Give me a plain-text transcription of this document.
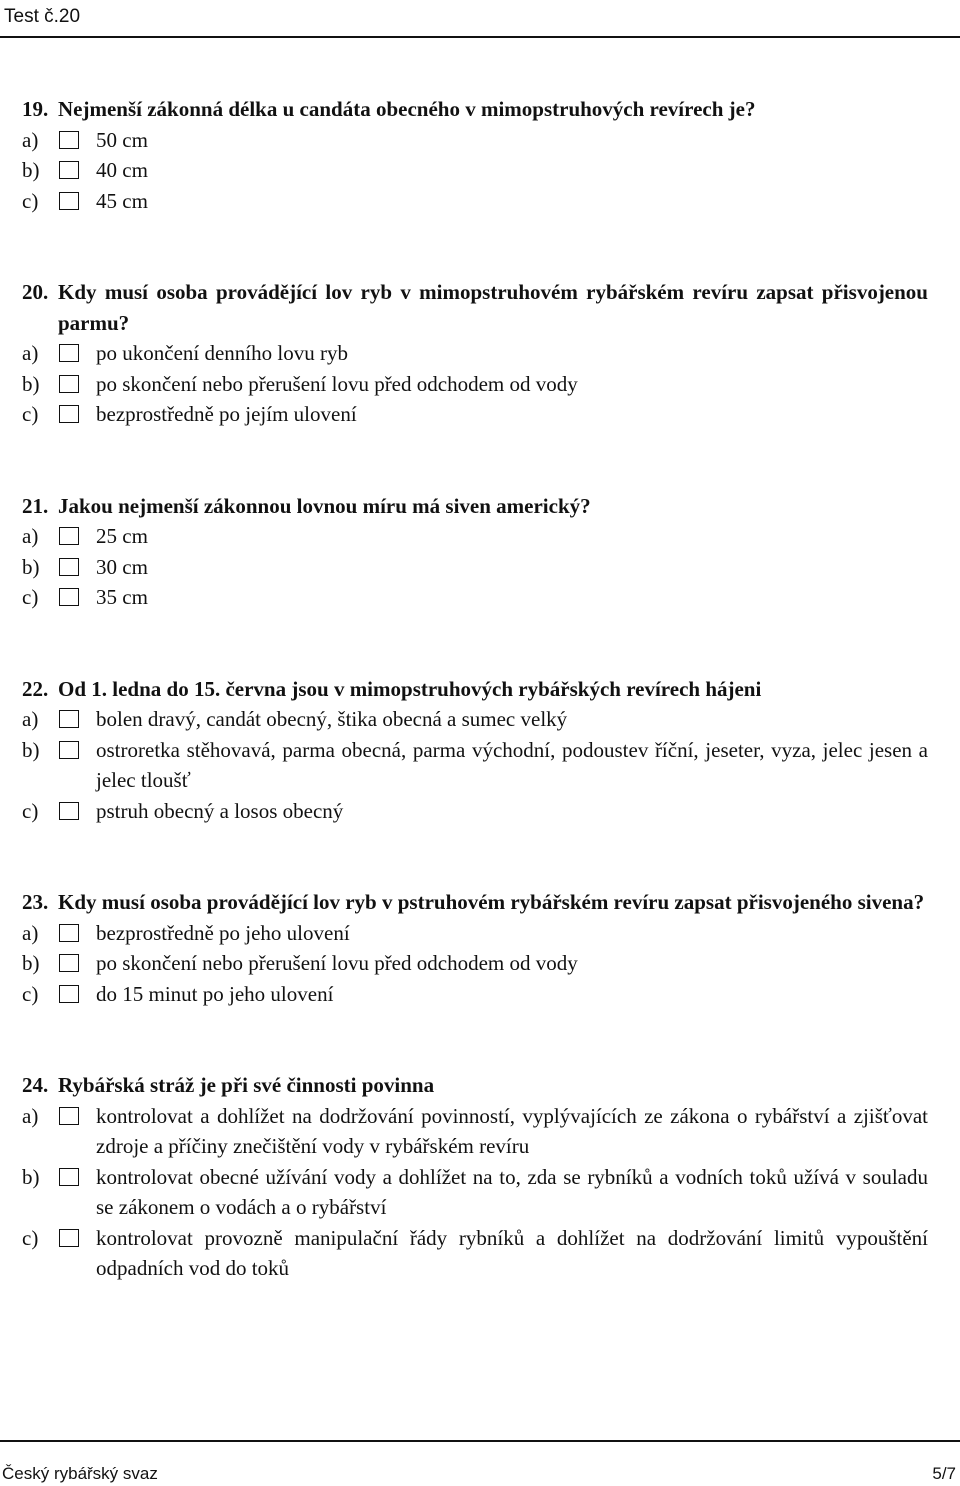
Test č.20
19. Nejmenší zákonná délka u candáta obecného v mimopstruhových revírech je?
a)	50 cm
b)	40 cm
c)	45 cm
20. Kdy musí osoba provádějící lov ryb v mimopstruhovém rybářském revíru zapsat přisvojenou parmu?
a)	po ukončení denního lovu ryb
b)	po skončení nebo přerušení lovu před odchodem od vody
c)	bezprostředně po jejím ulovení
21. Jakou nejmenší zákonnou lovnou míru má siven americký?
a)	25 cm
b)	30 cm
c)	35 cm
22. Od 1. ledna do 15. června jsou v mimopstruhových rybářských revírech hájeni
a)	bolen dravý, candát obecný, štika obecná a sumec velký
b)	ostroretka stěhovavá, parma obecná, parma východní, podoustev říční, jeseter, vyza, jelec jesen a jelec tloušť
c)	pstruh obecný a losos obecný
23. Kdy musí osoba provádějící lov ryb v pstruhovém rybářském revíru zapsat přisvojeného sivena?
a)	bezprostředně po jeho ulovení
b)	po skončení nebo přerušení lovu před odchodem od vody
c)	do 15 minut po jeho ulovení
24. Rybářská stráž je při své činnosti povinna
a)	kontrolovat a dohlížet na dodržování povinností, vyplývajících ze zákona o rybářství a zjišťovat zdroje a příčiny znečištění vody v rybářském revíru
b)	kontrolovat obecné užívání vody a dohlížet na to, zda se rybníků a vodních toků užívá v souladu se zákonem o vodách a o rybářství
c)	kontrolovat provozně manipulační řády rybníků a dohlížet na dodržování limitů vypouštění odpadních vod do toků
Český rybářský svaz	5/7
